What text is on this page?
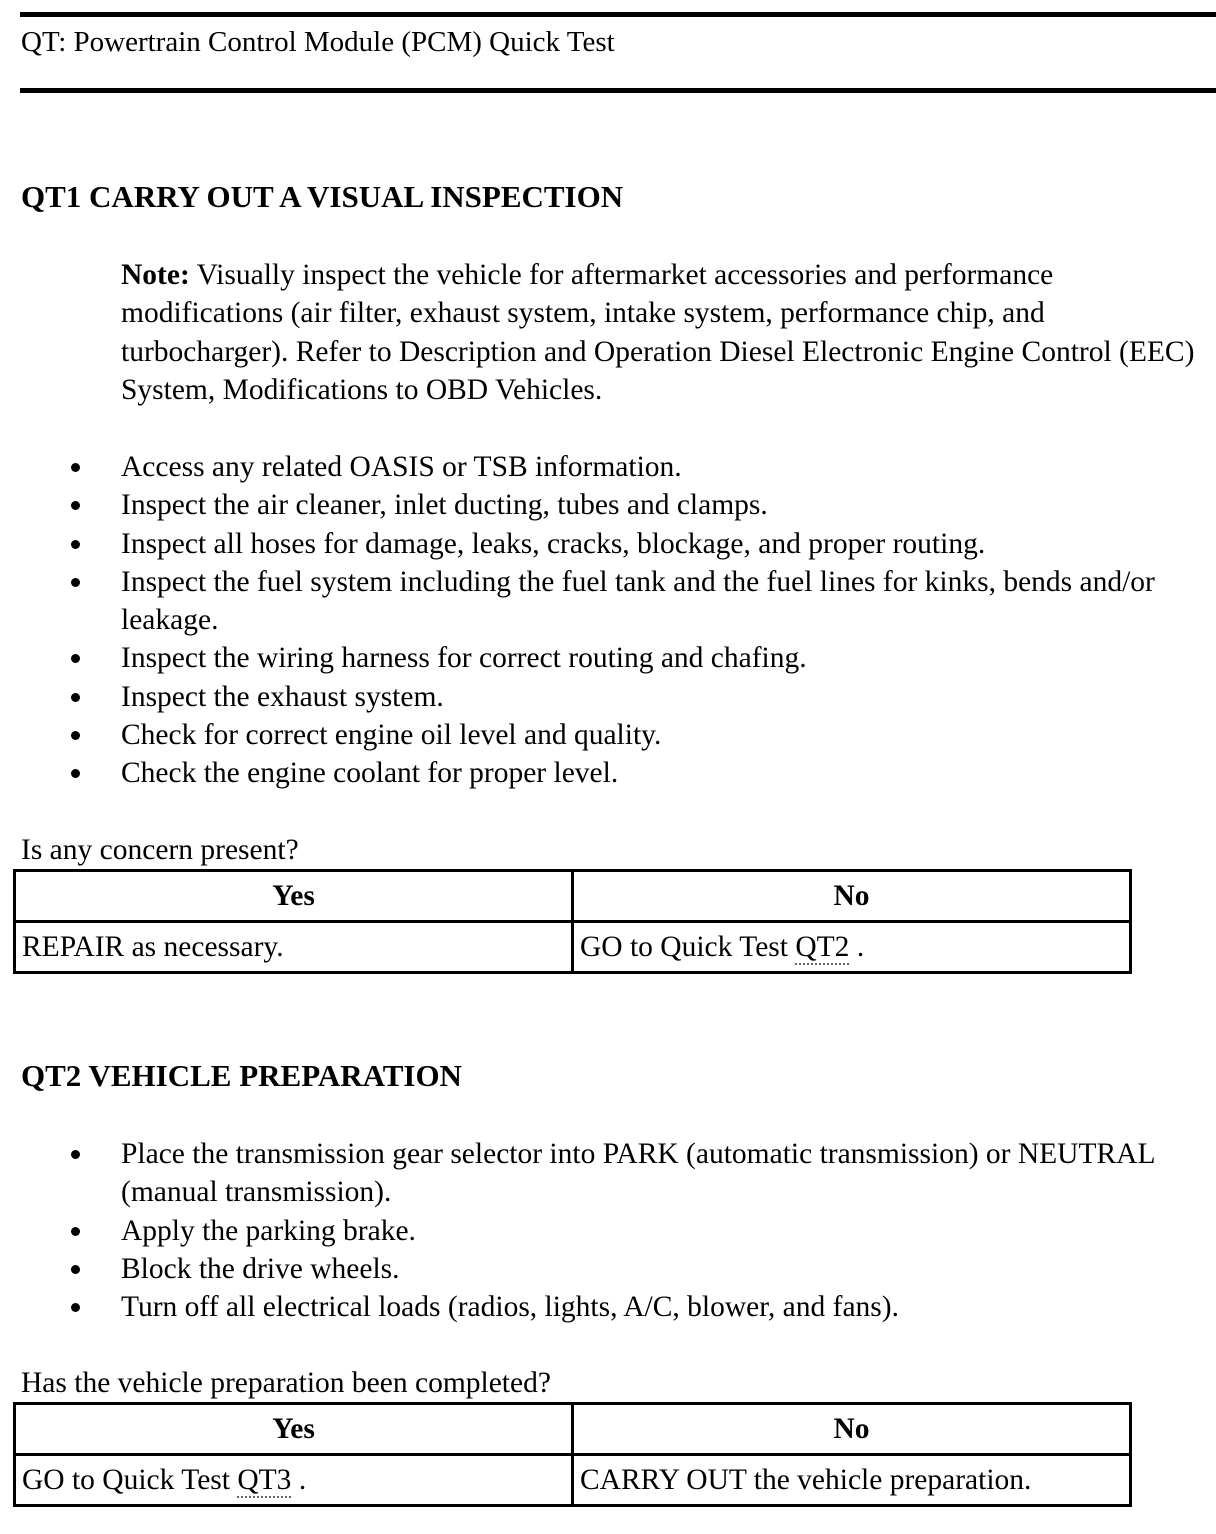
QT: Powertrain Control Module (PCM) Quick Test
QT1 CARRY OUT A VISUAL INSPECTION
Note: Visually inspect the vehicle for aftermarket accessories and performance modifications (air filter, exhaust system, intake system, performance chip, and turbocharger). Refer to Description and Operation Diesel Electronic Engine Control (EEC) System, Modifications to OBD Vehicles.
Access any related OASIS or TSB information.
Inspect the air cleaner, inlet ducting, tubes and clamps.
Inspect all hoses for damage, leaks, cracks, blockage, and proper routing.
Inspect the fuel system including the fuel tank and the fuel lines for kinks, bends and/or leakage.
Inspect the wiring harness for correct routing and chafing.
Inspect the exhaust system.
Check for correct engine oil level and quality.
Check the engine coolant for proper level.
Is any concern present?
Yes	No
REPAIR as necessary.	GO to Quick Test QT2 .
QT2 VEHICLE PREPARATION
Place the transmission gear selector into PARK (automatic transmission) or NEUTRAL (manual transmission).
Apply the parking brake.
Block the drive wheels.
Turn off all electrical loads (radios, lights, A/C, blower, and fans).
Has the vehicle preparation been completed?
Yes	No
GO to Quick Test QT3 .	CARRY OUT the vehicle preparation.
